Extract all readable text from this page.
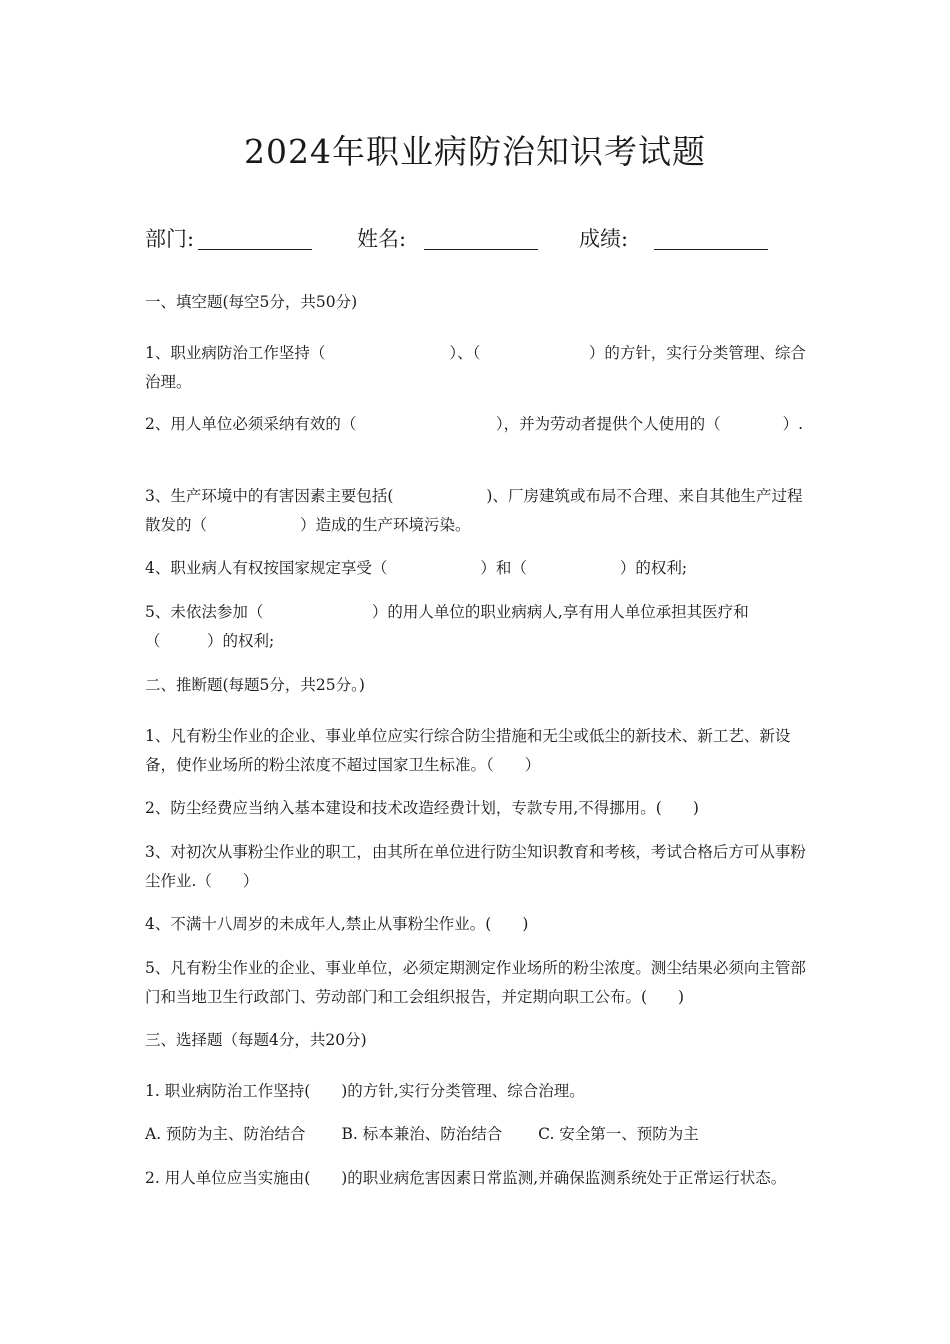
2024年职业病防治知识考试题
部门:	姓名:	成绩:
一、填空题(每空5分，共50分)
1、职业病防治工作坚持（　　　　　　　　）、（　　　　　　　）的方针，实行分类管理、综合治理。
2、用人单位必须采纳有效的（　　　　　　　　　），并为劳动者提供个人使用的（　　　　）.
3、生产环境中的有害因素主要包括(　　　　　　)、厂房建筑或布局不合理、来自其他生产过程散发的（　　　　　　）造成的生产环境污染。
4、职业病人有权按国家规定享受（　　　　　　）和（　　　　　　）的权利;
5、未依法参加（　　　　　　　）的用人单位的职业病病人,享有用人单位承担其医疗和（　　　）的权利;
二、推断题(每题5分，共25分。)
1、凡有粉尘作业的企业、事业单位应实行综合防尘措施和无尘或低尘的新技术、新工艺、新设备，使作业场所的粉尘浓度不超过国家卫生标准。（　　）
2、防尘经费应当纳入基本建设和技术改造经费计划，专款专用,不得挪用。(　　)
3、对初次从事粉尘作业的职工，由其所在单位进行防尘知识教育和考核，考试合格后方可从事粉尘作业.（　　）
4、不满十八周岁的未成年人,禁止从事粉尘作业。(　　)
5、凡有粉尘作业的企业、事业单位，必须定期测定作业场所的粉尘浓度。测尘结果必须向主管部门和当地卫生行政部门、劳动部门和工会组织报告，并定期向职工公布。(　　)
三、选择题（每题4分，共20分)
1. 职业病防治工作坚持(　　)的方针,实行分类管理、综合治理。
A. 预防为主、防治结合　　 B. 标本兼治、防治结合　　 C. 安全第一、预防为主
2. 用人单位应当实施由(　　)的职业病危害因素日常监测,并确保监测系统处于正常运行状态。
